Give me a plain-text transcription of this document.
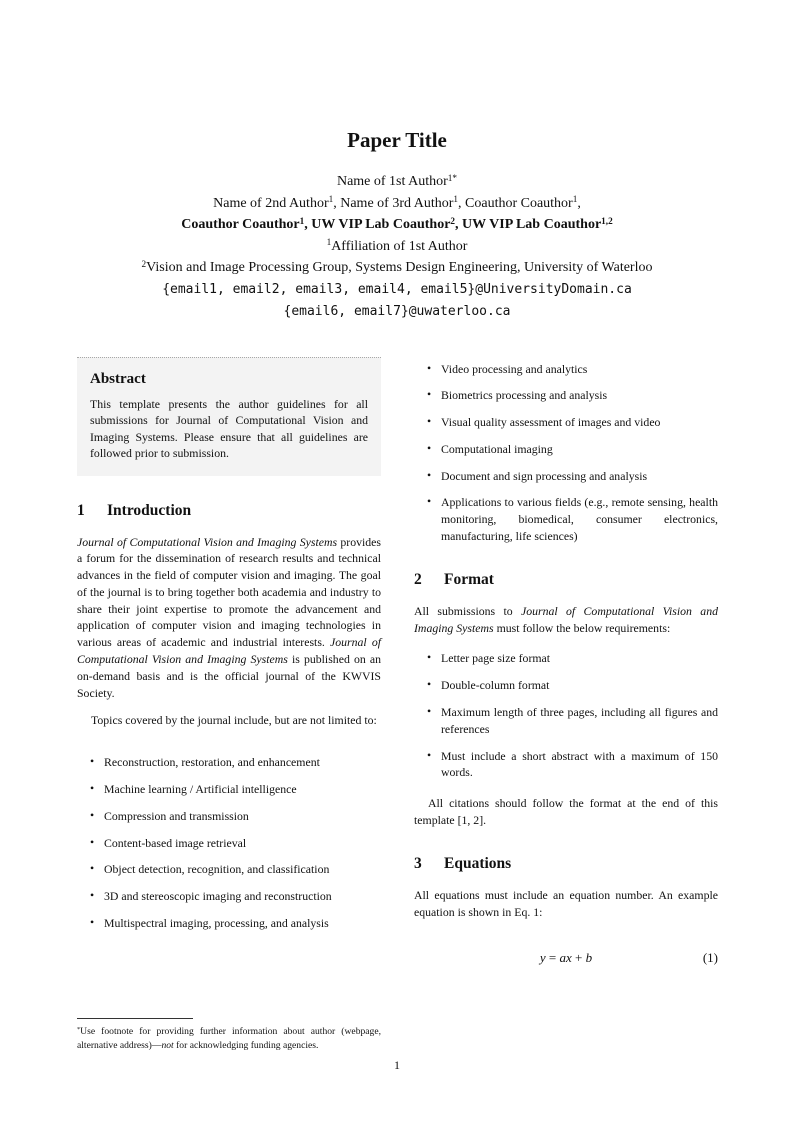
Paper Title

Name of 1st Author$^{1*}$

Name of 2nd Author$^1$, Name of 3rd Author$^1$, Coauthor Coauthor$^1$,

Coauthor Coauthor$^1$, UW VIP Lab Coauthor$^2$, UW VIP Lab Coauthor$^{1,2}$

$^1$Affiliation of 1st Author

$^2$Vision and Image Processing Group, Systems Design Engineering, University of Waterloo

{email1, email2, email3, email4, email5}@UniversityDomain.ca

{email6, email7}@uwaterloo.ca

Abstract

This template presents the author guidelines for all submissions for Journal of Computational Vision and Imaging Systems. Please ensure that all guidelines are followed prior to submission.

1 Introduction

Journal of Computational Vision and Imaging Systems provides a forum for the dissemination of research results and technical advances in the field of computer vision and imaging. The goal of the journal is to bring together both academia and industry to share their joint expertise to promote the advancement and application of computer vision and imaging technologies in various areas of academic and industrial interests. Journal of Computational Vision and Imaging Systems is published on an on-demand basis and is the official journal of the KWVIS Society.

Topics covered by the journal include, but are not limited to:

• Reconstruction, restoration, and enhancement
• Machine learning / Artificial intelligence
• Compression and transmission
• Content-based image retrieval
• Object detection, recognition, and classification
• 3D and stereoscopic imaging and reconstruction
• Multispectral imaging, processing, and analysis

*Use footnote for providing further information about author (webpage, alternative address)—not for acknowledging funding agencies.

• Video processing and analytics
• Biometrics processing and analysis
• Visual quality assessment of images and video
• Computational imaging
• Document and sign processing and analysis
• Applications to various fields (e.g., remote sensing, health monitoring, biomedical, consumer electronics, manufacturing, life sciences)
2 Format

All submissions to Journal of Computational Vision and Imaging Systems must follow the below requirements:

• Letter page size format
• Double-column format
• Maximum length of three pages, including all figures and references
• Must include a short abstract with a maximum of 150 words.

All citations should follow the format at the end of this template [1, 2].

3 Equations

All equations must include an equation number. An example equation is shown in Eq. 1:

y = ax + b	(1)
1
